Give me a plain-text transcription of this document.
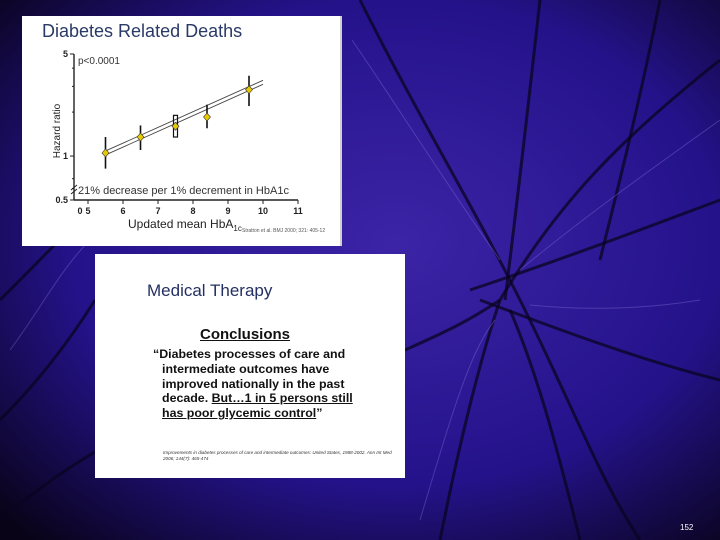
5
1
0.5
0 5	6	7	8	9	10	11
Hazard ratio
Updated mean HbA$_{1c}$
p<0.0001
21% decrease per 1% decrement in HbA1c
Stratton et al. BMJ 2000; 321: 405-12
Diabetes Related Deaths
Medical Therapy
Conclusions
“Diabetes processes of care and
intermediate outcomes have
improved nationally in the past
decade. But…1 in 5 persons still
has poor glycemic control”
Improvements in diabetes processes of care and intermediate outcomes: United States, 1988-2002. Ann Int Med 2006; 144(7): 465-474
152
